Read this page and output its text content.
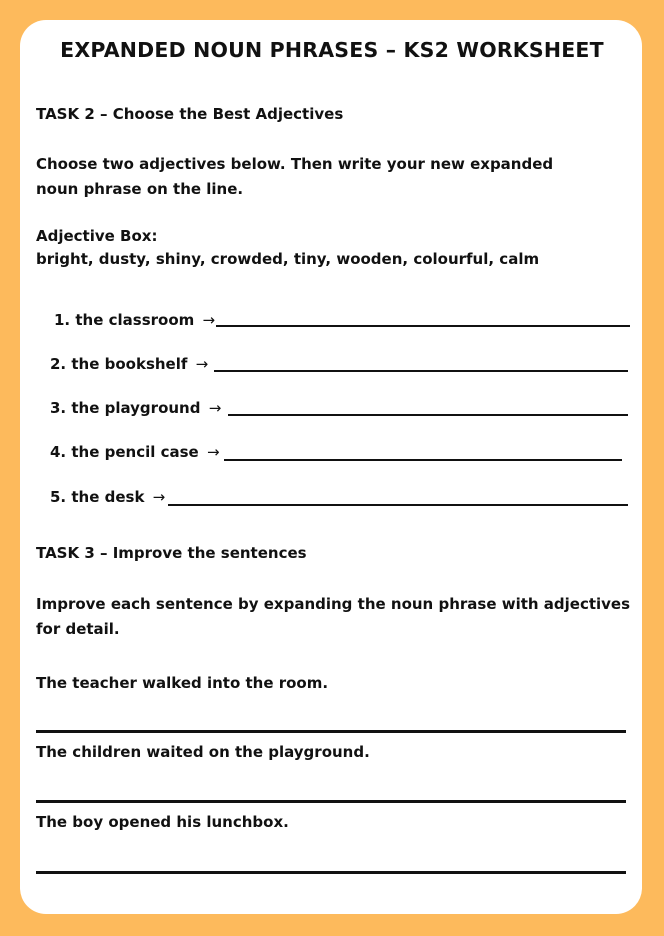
EXPANDED NOUN PHRASES – KS2 WORKSHEET
TASK 2 – Choose the Best Adjectives
Choose two adjectives below. Then write your new expanded
noun phrase on the line.
Adjective Box:
bright, dusty, shiny, crowded, tiny, wooden, colourful, calm
1. the classroom →
2. the bookshelf →
3. the playground →
4. the pencil case →
5. the desk →
TASK 3 – Improve the sentences
Improve each sentence by expanding the noun phrase with adjectives
for detail.
The teacher walked into the room.
The children waited on the playground.
The boy opened his lunchbox.
